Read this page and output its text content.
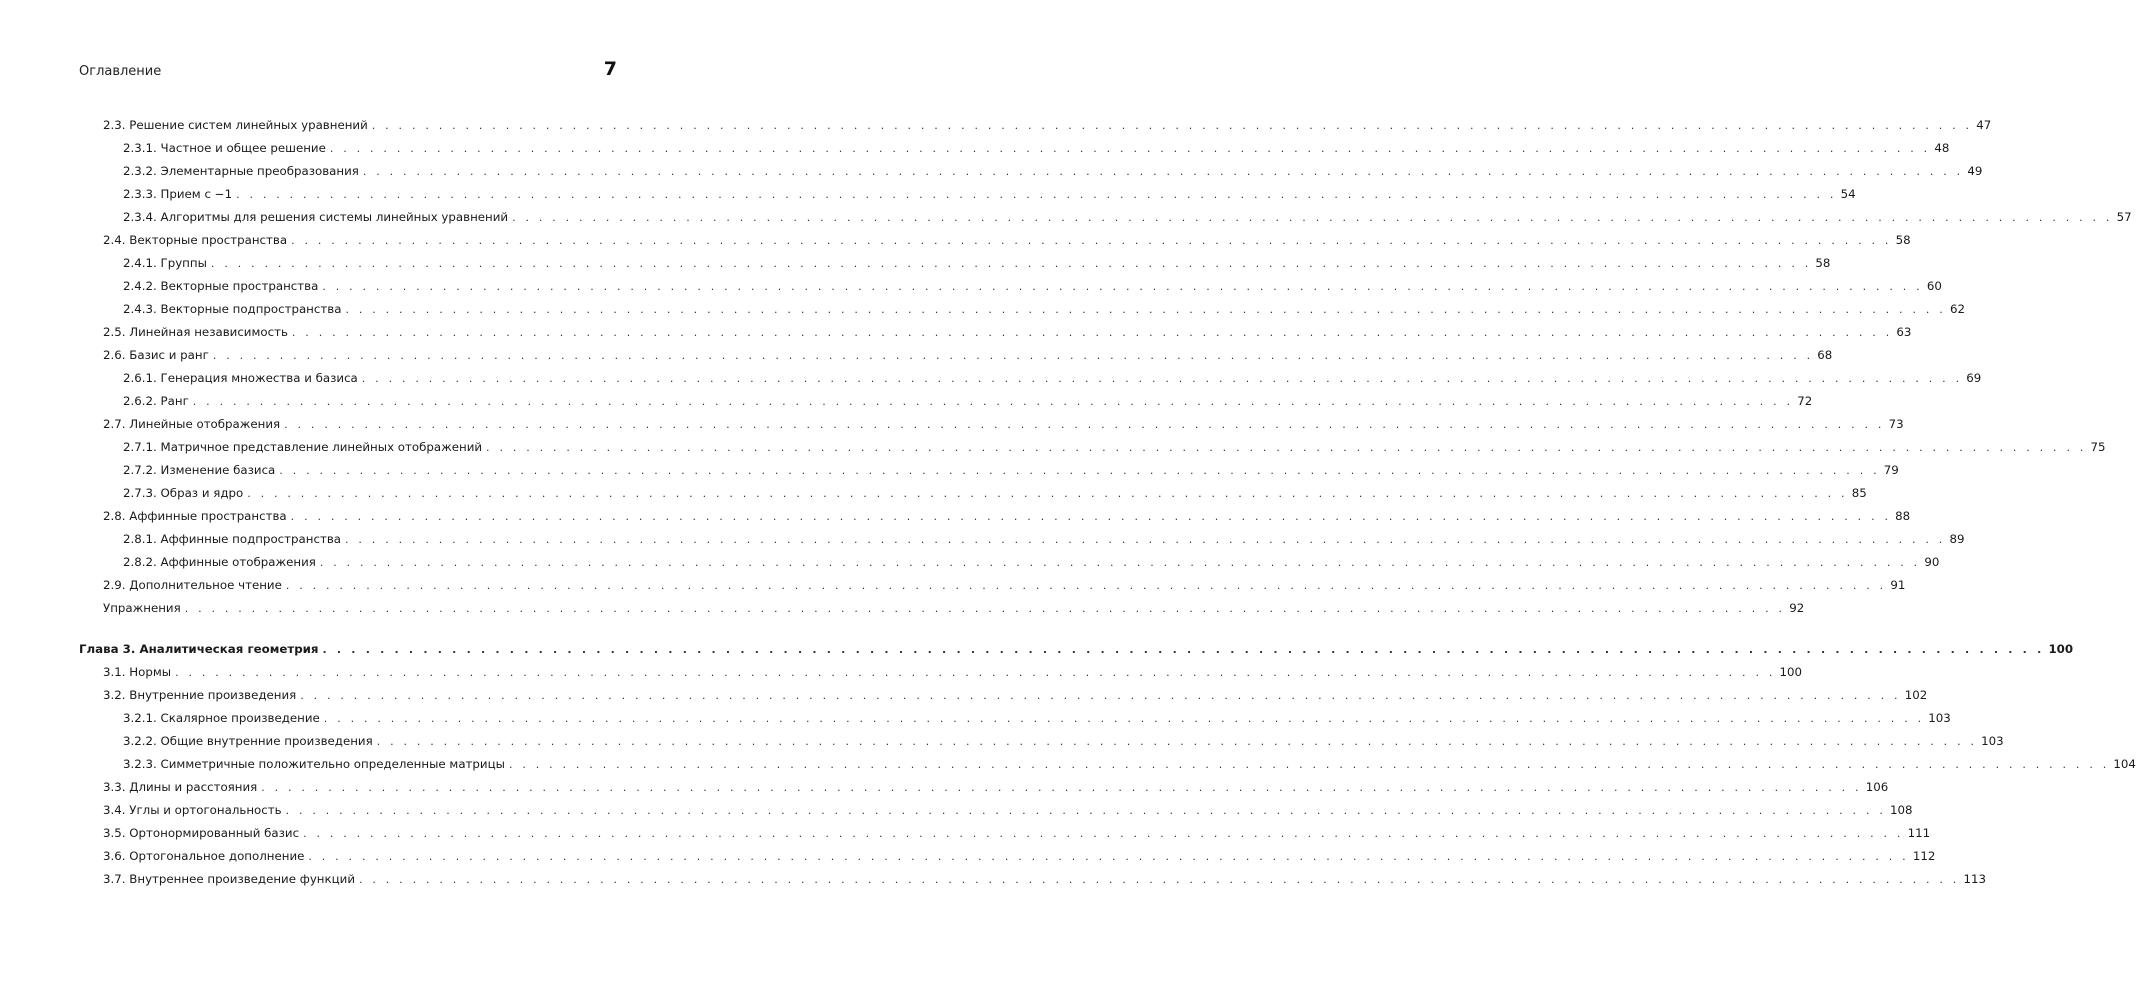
Оглавление	7
2.3. Решение систем линейных уравнений . . . . . . . . . . . . . . . . . . . . . . . . . . . . . . . . . . . . . . . . . . . . . . . . . . . . . . . . . . . . . . . . . . . . . . . . . . . . . . . . . . . . . . . . . . . . . . . . . . . . . . . . . . . . . . . . . . . . . . . . 47
2.3.1. Частное и общее решение . . . . . . . . . . . . . . . . . . . . . . . . . . . . . . . . . . . . . . . . . . . . . . . . . . . . . . . . . . . . . . . . . . . . . . . . . . . . . . . . . . . . . . . . . . . . . . . . . . . . . . . . . . . . . . . . . . . . . . . . 48
2.3.2. Элементарные преобразования . . . . . . . . . . . . . . . . . . . . . . . . . . . . . . . . . . . . . . . . . . . . . . . . . . . . . . . . . . . . . . . . . . . . . . . . . . . . . . . . . . . . . . . . . . . . . . . . . . . . . . . . . . . . . . . . . . . . . . . . 49
2.3.3. Прием с −1 . . . . . . . . . . . . . . . . . . . . . . . . . . . . . . . . . . . . . . . . . . . . . . . . . . . . . . . . . . . . . . . . . . . . . . . . . . . . . . . . . . . . . . . . . . . . . . . . . . . . . . . . . . . . . . . . . . . . . . . . 54
2.3.4. Алгоритмы для решения системы линейных уравнений . . . . . . . . . . . . . . . . . . . . . . . . . . . . . . . . . . . . . . . . . . . . . . . . . . . . . . . . . . . . . . . . . . . . . . . . . . . . . . . . . . . . . . . . . . . . . . . . . . . . . . . . . . . . . . . . . . . . . . . . 57
2.4. Векторные пространства . . . . . . . . . . . . . . . . . . . . . . . . . . . . . . . . . . . . . . . . . . . . . . . . . . . . . . . . . . . . . . . . . . . . . . . . . . . . . . . . . . . . . . . . . . . . . . . . . . . . . . . . . . . . . . . . . . . . . . . . 58
2.4.1. Группы . . . . . . . . . . . . . . . . . . . . . . . . . . . . . . . . . . . . . . . . . . . . . . . . . . . . . . . . . . . . . . . . . . . . . . . . . . . . . . . . . . . . . . . . . . . . . . . . . . . . . . . . . . . . . . . . . . . . . . . . 58
2.4.2. Векторные пространства . . . . . . . . . . . . . . . . . . . . . . . . . . . . . . . . . . . . . . . . . . . . . . . . . . . . . . . . . . . . . . . . . . . . . . . . . . . . . . . . . . . . . . . . . . . . . . . . . . . . . . . . . . . . . . . . . . . . . . . . 60
2.4.3. Векторные подпространства . . . . . . . . . . . . . . . . . . . . . . . . . . . . . . . . . . . . . . . . . . . . . . . . . . . . . . . . . . . . . . . . . . . . . . . . . . . . . . . . . . . . . . . . . . . . . . . . . . . . . . . . . . . . . . . . . . . . . . . . 62
2.5. Линейная независимость . . . . . . . . . . . . . . . . . . . . . . . . . . . . . . . . . . . . . . . . . . . . . . . . . . . . . . . . . . . . . . . . . . . . . . . . . . . . . . . . . . . . . . . . . . . . . . . . . . . . . . . . . . . . . . . . . . . . . . . . 63
2.6. Базис и ранг . . . . . . . . . . . . . . . . . . . . . . . . . . . . . . . . . . . . . . . . . . . . . . . . . . . . . . . . . . . . . . . . . . . . . . . . . . . . . . . . . . . . . . . . . . . . . . . . . . . . . . . . . . . . . . . . . . . . . . . . 68
2.6.1. Генерация множества и базиса . . . . . . . . . . . . . . . . . . . . . . . . . . . . . . . . . . . . . . . . . . . . . . . . . . . . . . . . . . . . . . . . . . . . . . . . . . . . . . . . . . . . . . . . . . . . . . . . . . . . . . . . . . . . . . . . . . . . . . . . 69
2.6.2. Ранг . . . . . . . . . . . . . . . . . . . . . . . . . . . . . . . . . . . . . . . . . . . . . . . . . . . . . . . . . . . . . . . . . . . . . . . . . . . . . . . . . . . . . . . . . . . . . . . . . . . . . . . . . . . . . . . . . . . . . . . . 72
2.7. Линейные отображения . . . . . . . . . . . . . . . . . . . . . . . . . . . . . . . . . . . . . . . . . . . . . . . . . . . . . . . . . . . . . . . . . . . . . . . . . . . . . . . . . . . . . . . . . . . . . . . . . . . . . . . . . . . . . . . . . . . . . . . . 73
2.7.1. Матричное представление линейных отображений . . . . . . . . . . . . . . . . . . . . . . . . . . . . . . . . . . . . . . . . . . . . . . . . . . . . . . . . . . . . . . . . . . . . . . . . . . . . . . . . . . . . . . . . . . . . . . . . . . . . . . . . . . . . . . . . . . . . . . . . 75
2.7.2. Изменение базиса . . . . . . . . . . . . . . . . . . . . . . . . . . . . . . . . . . . . . . . . . . . . . . . . . . . . . . . . . . . . . . . . . . . . . . . . . . . . . . . . . . . . . . . . . . . . . . . . . . . . . . . . . . . . . . . . . . . . . . . . 79
2.7.3. Образ и ядро . . . . . . . . . . . . . . . . . . . . . . . . . . . . . . . . . . . . . . . . . . . . . . . . . . . . . . . . . . . . . . . . . . . . . . . . . . . . . . . . . . . . . . . . . . . . . . . . . . . . . . . . . . . . . . . . . . . . . . . . 85
2.8. Аффинные пространства . . . . . . . . . . . . . . . . . . . . . . . . . . . . . . . . . . . . . . . . . . . . . . . . . . . . . . . . . . . . . . . . . . . . . . . . . . . . . . . . . . . . . . . . . . . . . . . . . . . . . . . . . . . . . . . . . . . . . . . . 88
2.8.1. Аффинные подпространства . . . . . . . . . . . . . . . . . . . . . . . . . . . . . . . . . . . . . . . . . . . . . . . . . . . . . . . . . . . . . . . . . . . . . . . . . . . . . . . . . . . . . . . . . . . . . . . . . . . . . . . . . . . . . . . . . . . . . . . . 89
2.8.2. Аффинные отображения . . . . . . . . . . . . . . . . . . . . . . . . . . . . . . . . . . . . . . . . . . . . . . . . . . . . . . . . . . . . . . . . . . . . . . . . . . . . . . . . . . . . . . . . . . . . . . . . . . . . . . . . . . . . . . . . . . . . . . . . 90
2.9. Дополнительное чтение . . . . . . . . . . . . . . . . . . . . . . . . . . . . . . . . . . . . . . . . . . . . . . . . . . . . . . . . . . . . . . . . . . . . . . . . . . . . . . . . . . . . . . . . . . . . . . . . . . . . . . . . . . . . . . . . . . . . . . . . 91
Упражнения . . . . . . . . . . . . . . . . . . . . . . . . . . . . . . . . . . . . . . . . . . . . . . . . . . . . . . . . . . . . . . . . . . . . . . . . . . . . . . . . . . . . . . . . . . . . . . . . . . . . . . . . . . . . . . . . . . . . . . . . 92
Глава 3. Аналитическая геометрия . . . . . . . . . . . . . . . . . . . . . . . . . . . . . . . . . . . . . . . . . . . . . . . . . . . . . . . . . . . . . . . . . . . . . . . . . . . . . . . . . . . . . . . . . . . . . . . . . . . . . . . . . . . . . . . . . . . . . . . . 100
3.1. Нормы . . . . . . . . . . . . . . . . . . . . . . . . . . . . . . . . . . . . . . . . . . . . . . . . . . . . . . . . . . . . . . . . . . . . . . . . . . . . . . . . . . . . . . . . . . . . . . . . . . . . . . . . . . . . . . . . . . . . . . . . 100
3.2. Внутренние произведения . . . . . . . . . . . . . . . . . . . . . . . . . . . . . . . . . . . . . . . . . . . . . . . . . . . . . . . . . . . . . . . . . . . . . . . . . . . . . . . . . . . . . . . . . . . . . . . . . . . . . . . . . . . . . . . . . . . . . . . . 102
3.2.1. Скалярное произведение . . . . . . . . . . . . . . . . . . . . . . . . . . . . . . . . . . . . . . . . . . . . . . . . . . . . . . . . . . . . . . . . . . . . . . . . . . . . . . . . . . . . . . . . . . . . . . . . . . . . . . . . . . . . . . . . . . . . . . . . 103
3.2.2. Общие внутренние произведения . . . . . . . . . . . . . . . . . . . . . . . . . . . . . . . . . . . . . . . . . . . . . . . . . . . . . . . . . . . . . . . . . . . . . . . . . . . . . . . . . . . . . . . . . . . . . . . . . . . . . . . . . . . . . . . . . . . . . . . . 103
3.2.3. Симметричные положительно определенные матрицы . . . . . . . . . . . . . . . . . . . . . . . . . . . . . . . . . . . . . . . . . . . . . . . . . . . . . . . . . . . . . . . . . . . . . . . . . . . . . . . . . . . . . . . . . . . . . . . . . . . . . . . . . . . . . . . . . . . . . . . . 104
3.3. Длины и расстояния . . . . . . . . . . . . . . . . . . . . . . . . . . . . . . . . . . . . . . . . . . . . . . . . . . . . . . . . . . . . . . . . . . . . . . . . . . . . . . . . . . . . . . . . . . . . . . . . . . . . . . . . . . . . . . . . . . . . . . . . 106
3.4. Углы и ортогональность . . . . . . . . . . . . . . . . . . . . . . . . . . . . . . . . . . . . . . . . . . . . . . . . . . . . . . . . . . . . . . . . . . . . . . . . . . . . . . . . . . . . . . . . . . . . . . . . . . . . . . . . . . . . . . . . . . . . . . . . 108
3.5. Ортонормированный базис . . . . . . . . . . . . . . . . . . . . . . . . . . . . . . . . . . . . . . . . . . . . . . . . . . . . . . . . . . . . . . . . . . . . . . . . . . . . . . . . . . . . . . . . . . . . . . . . . . . . . . . . . . . . . . . . . . . . . . . . 111
3.6. Ортогональное дополнение . . . . . . . . . . . . . . . . . . . . . . . . . . . . . . . . . . . . . . . . . . . . . . . . . . . . . . . . . . . . . . . . . . . . . . . . . . . . . . . . . . . . . . . . . . . . . . . . . . . . . . . . . . . . . . . . . . . . . . . . 112
3.7. Внутреннее произведение функций . . . . . . . . . . . . . . . . . . . . . . . . . . . . . . . . . . . . . . . . . . . . . . . . . . . . . . . . . . . . . . . . . . . . . . . . . . . . . . . . . . . . . . . . . . . . . . . . . . . . . . . . . . . . . . . . . . . . . . . . 113
